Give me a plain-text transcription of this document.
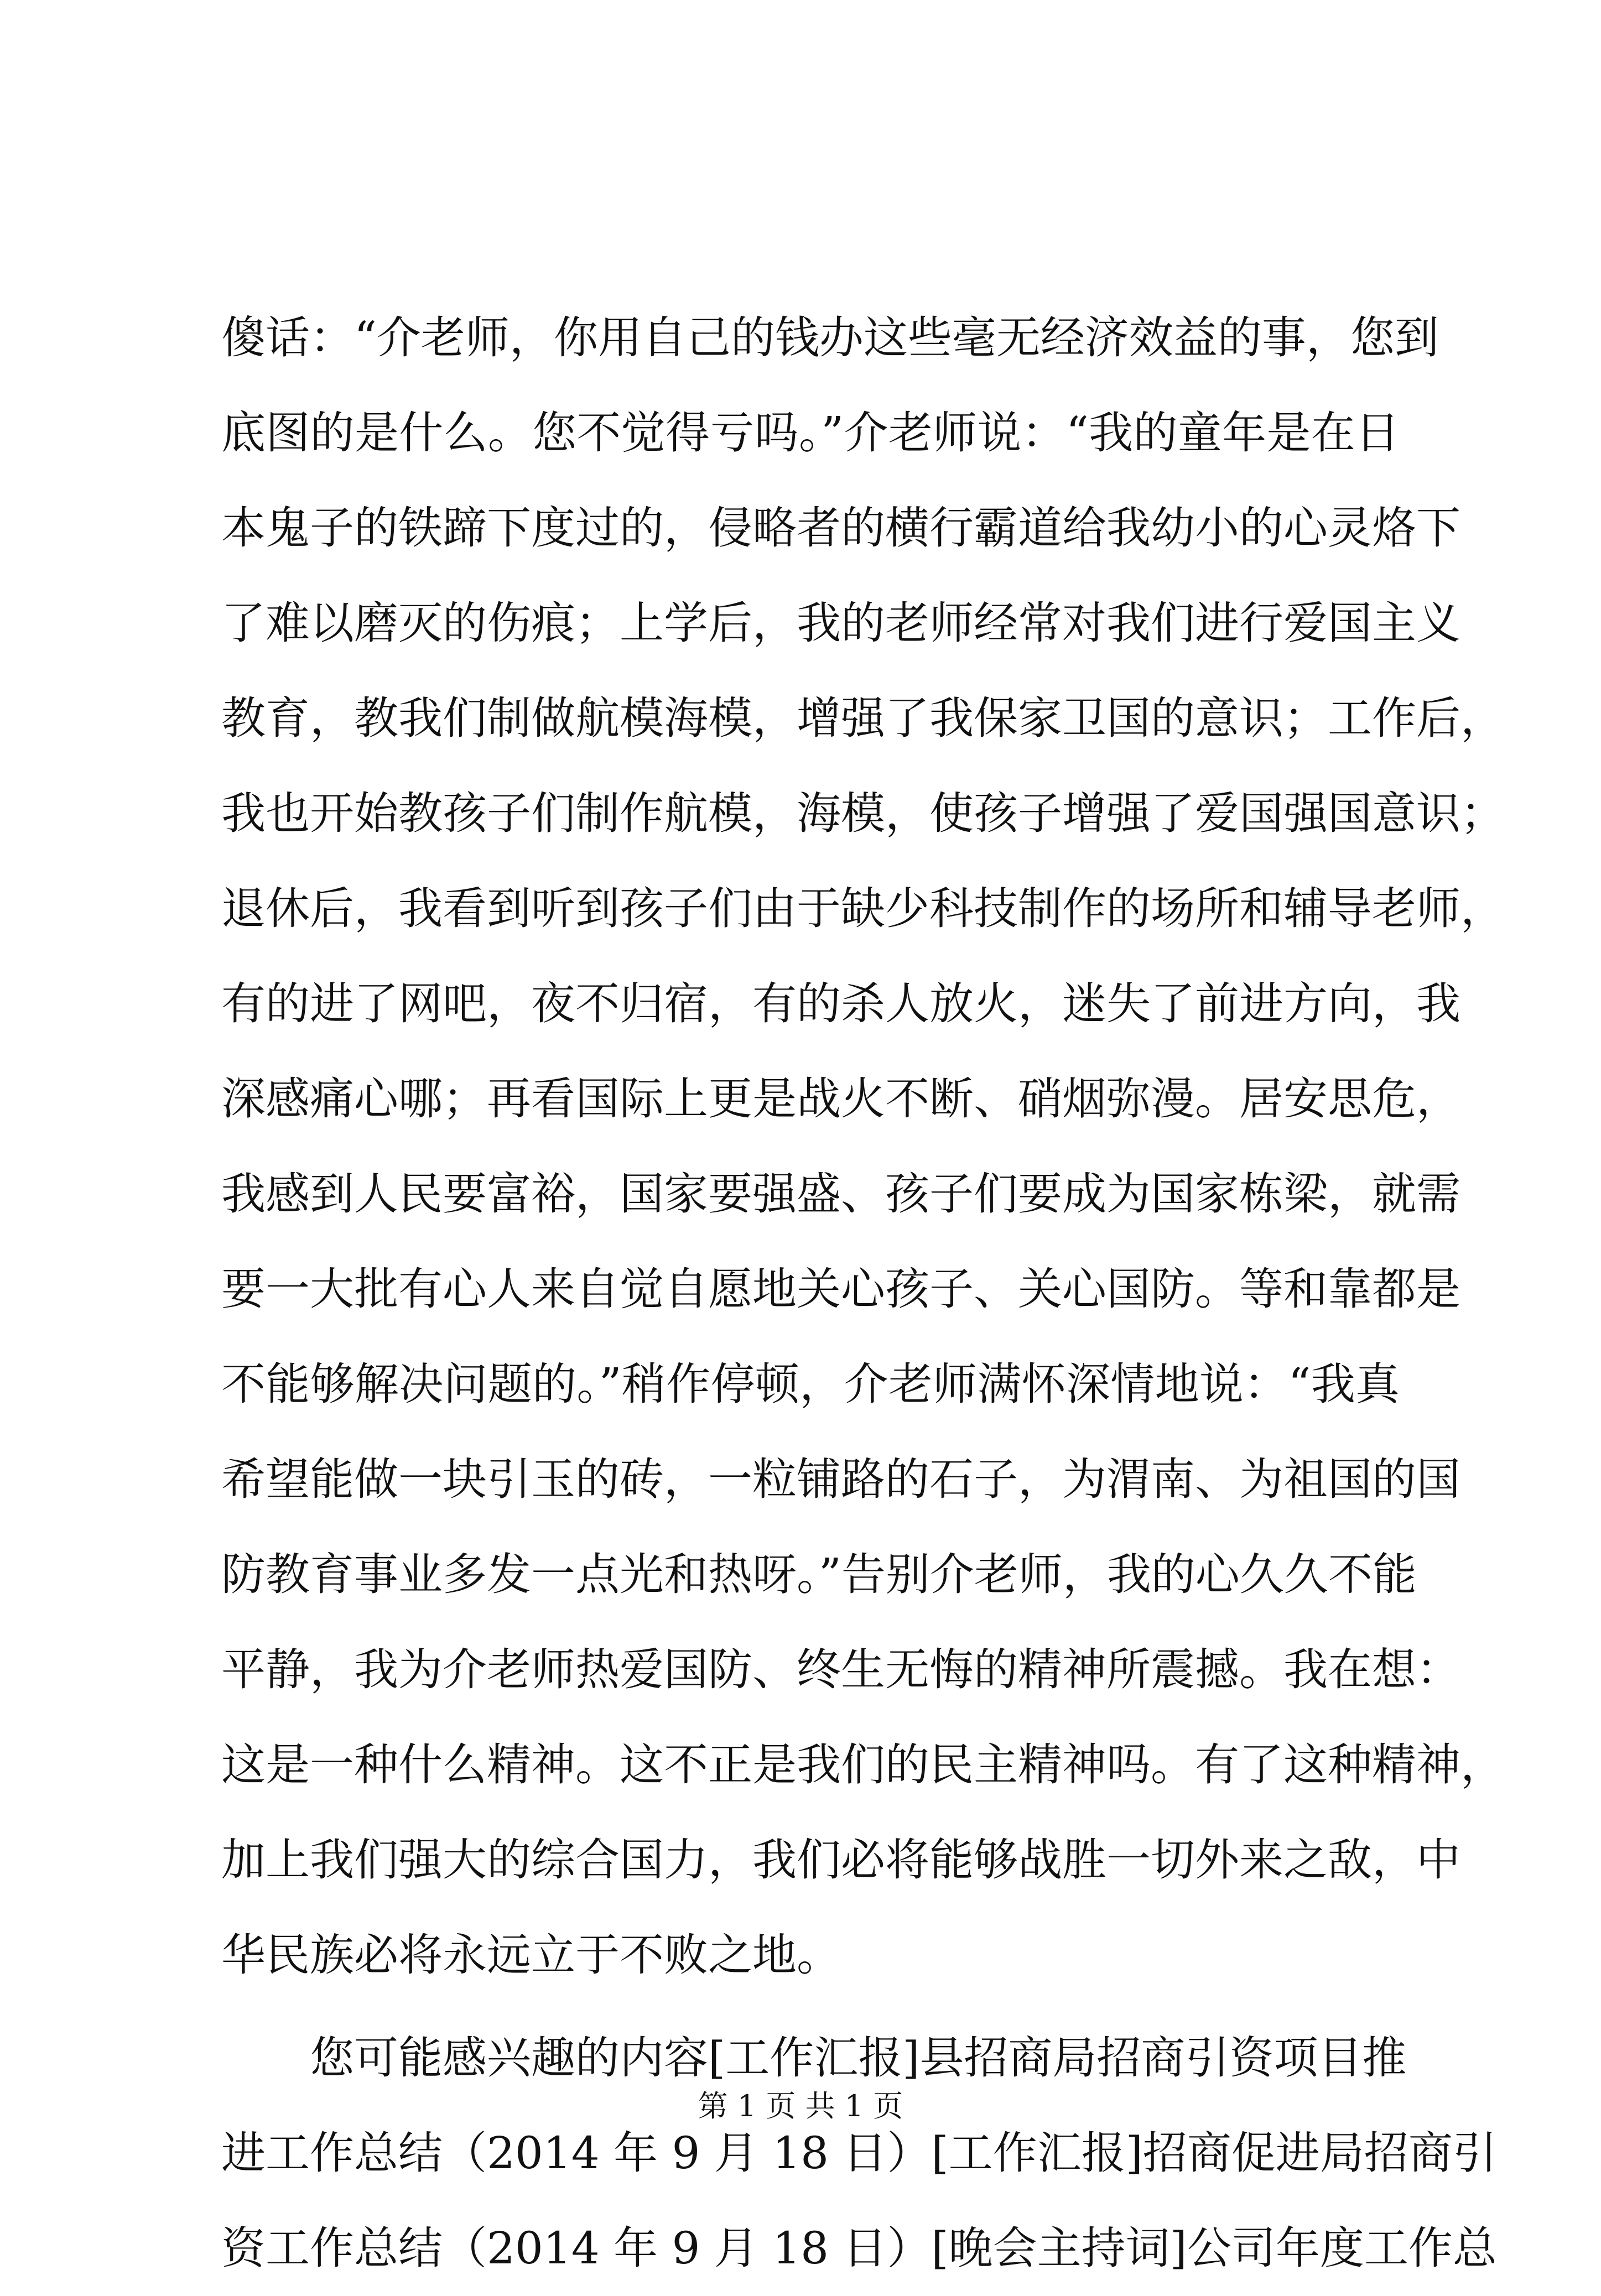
傻话：“介老师，你用自己的钱办这些毫无经济效益的事，您到
底图的是什么。您不觉得亏吗。”介老师说：“我的童年是在日
本鬼子的铁蹄下度过的，侵略者的横行霸道给我幼小的心灵烙下
了难以磨灭的伤痕；上学后，我的老师经常对我们进行爱国主义
教育，教我们制做航模海模，增强了我保家卫国的意识；工作后，
我也开始教孩子们制作航模，海模，使孩子增强了爱国强国意识；
退休后，我看到听到孩子们由于缺少科技制作的场所和辅导老师，
有的进了网吧，夜不归宿，有的杀人放火，迷失了前进方向，我
深感痛心哪；再看国际上更是战火不断、硝烟弥漫。居安思危，
我感到人民要富裕，国家要强盛、孩子们要成为国家栋梁，就需
要一大批有心人来自觉自愿地关心孩子、关心国防。等和靠都是
不能够解决问题的。”稍作停顿，介老师满怀深情地说：“我真
希望能做一块引玉的砖，一粒铺路的石子，为渭南、为祖国的国
防教育事业多发一点光和热呀。”告别介老师，我的心久久不能
平静，我为介老师热爱国防、终生无悔的精神所震撼。我在想：
这是一种什么精神。这不正是我们的民主精神吗。有了这种精神，
加上我们强大的综合国力，我们必将能够战胜一切外来之敌，中
华民族必将永远立于不败之地。
您可能感兴趣的内容[工作汇报]县招商局招商引资项目推
进工作总结（2014 年 9 月 18 日）[工作汇报]招商促进局招商引
资工作总结（2014 年 9 月 18 日）[晚会主持词]公司年度工作总
第 1 页 共 1 页
